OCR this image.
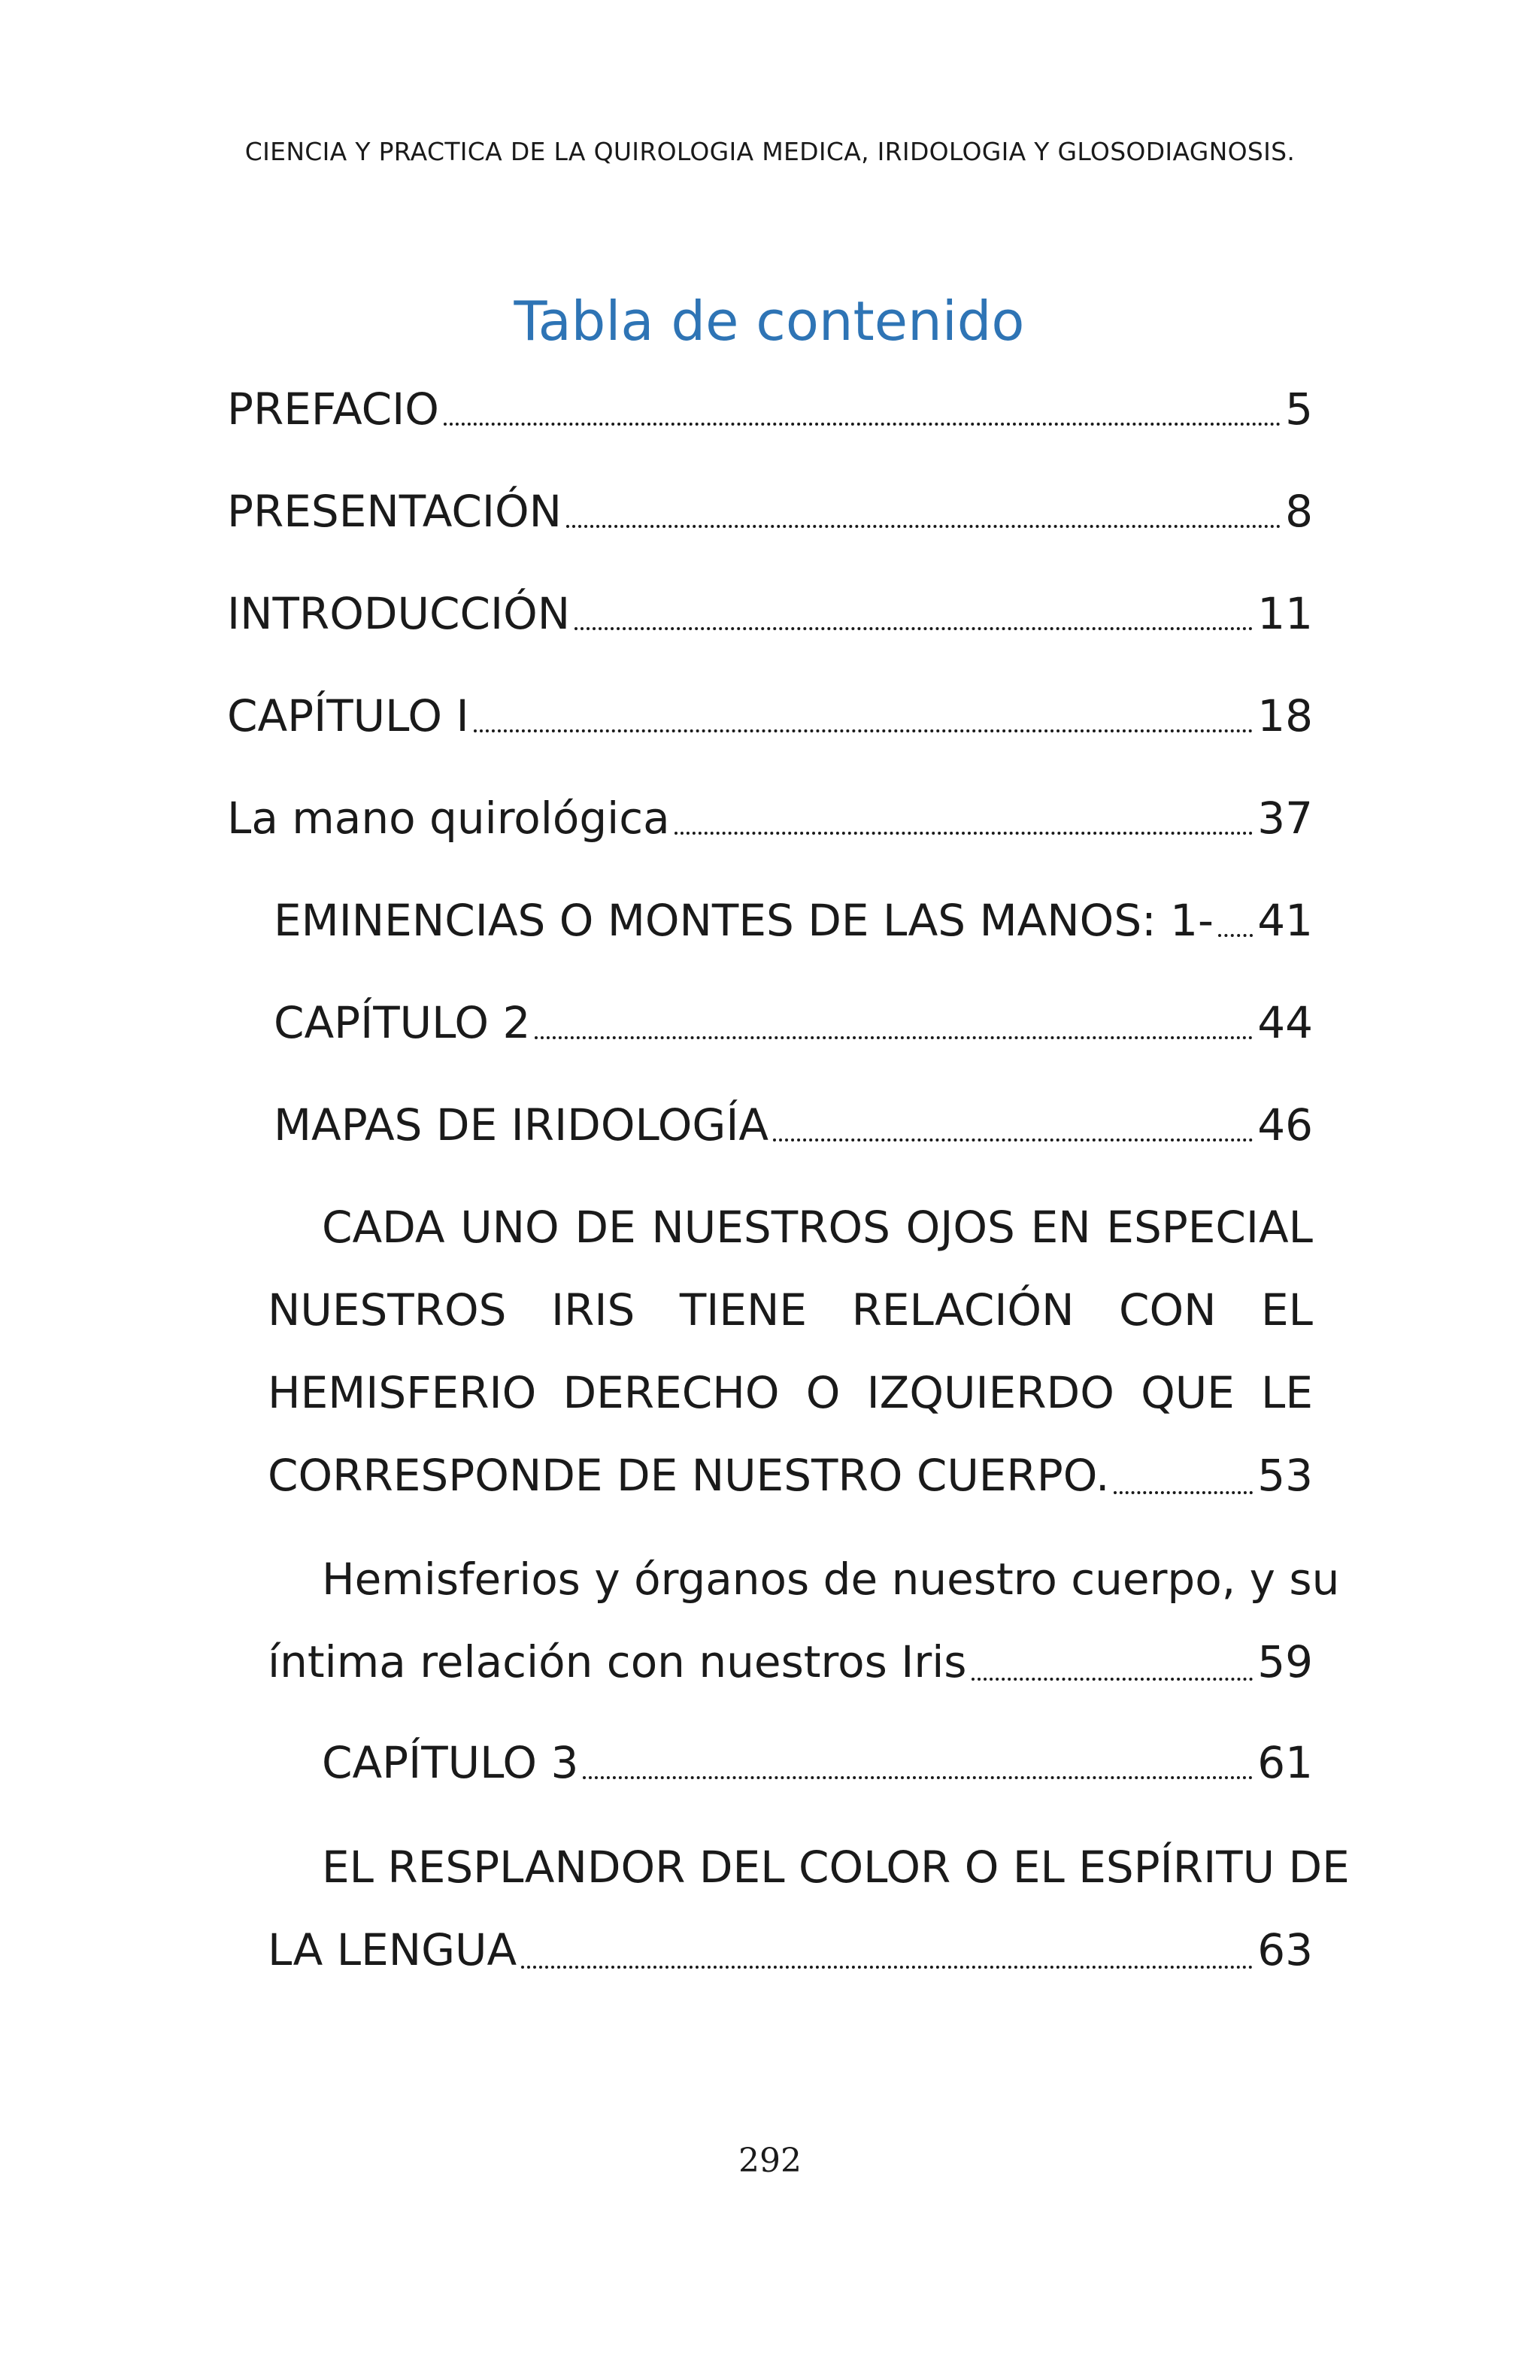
CIENCIA Y PRACTICA DE LA QUIROLOGIA MEDICA, IRIDOLOGIA Y GLOSODIAGNOSIS.
Tabla de contenido
PREFACIO	5
PRESENTACIÓN	8
INTRODUCCIÓN	11
CAPÍTULO I	18
La mano quirológica	37
EMINENCIAS O MONTES DE LAS MANOS: 1- 41
CAPÍTULO 2	44
MAPAS DE IRIDOLOGÍA	46
CADA UNO DE NUESTROS OJOS EN ESPECIAL
NUESTROS IRIS TIENE RELACIÓN CON EL
HEMISFERIO DERECHO O IZQUIERDO QUE LE
CORRESPONDE DE NUESTRO CUERPO.	53
Hemisferios y órganos de nuestro cuerpo, y su
íntima relación con nuestros Iris	59
CAPÍTULO 3	61
EL RESPLANDOR DEL COLOR O EL ESPÍRITU DE
LA LENGUA	63
292
